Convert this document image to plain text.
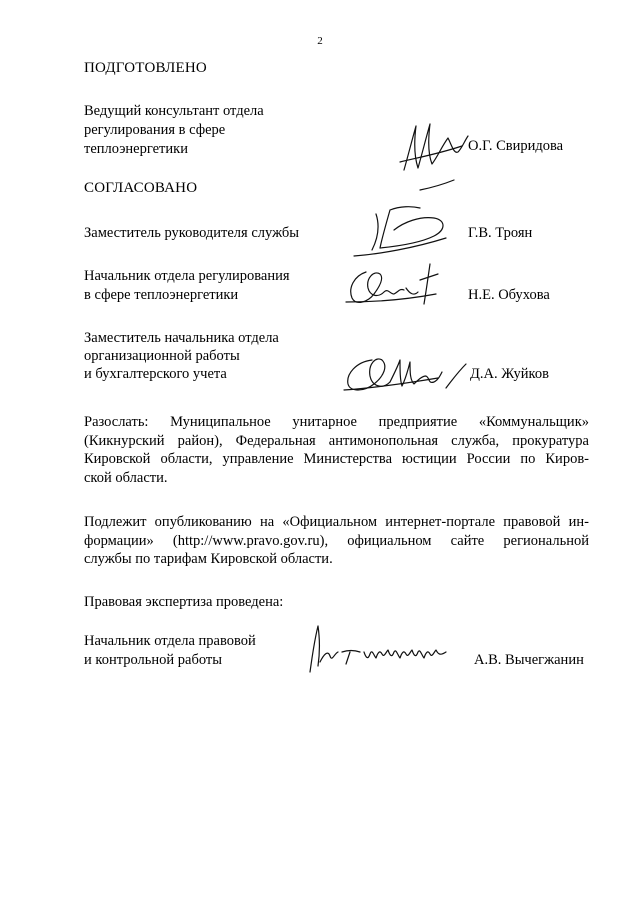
2
ПОДГОТОВЛЕНО
Ведущий консультант отдела
регулирования в сфере
теплоэнергетики	О.Г. Свиридова
СОГЛАСОВАНО
Заместитель руководителя службы	Г.В. Троян
Начальник отдела регулирования
в сфере теплоэнергетики	Н.Е. Обухова
Заместитель начальника отдела
организационной работы
и бухгалтерского учета	Д.А. Жуйков
Разослать: Муниципальное унитарное предприятие «Коммунальщик»
(Кикнурский район), Федеральная антимонопольная служба, прокуратура
Кировской области, управление Министерства юстиции России по Киров-
ской области.
Подлежит опубликованию на «Официальном интернет-портале правовой ин-
формации» (http://www.pravo.gov.ru), официальном сайте региональной
службы по тарифам Кировской области.
Правовая экспертиза проведена:
Начальник отдела правовой
и контрольной работы	А.В. Вычегжанин
